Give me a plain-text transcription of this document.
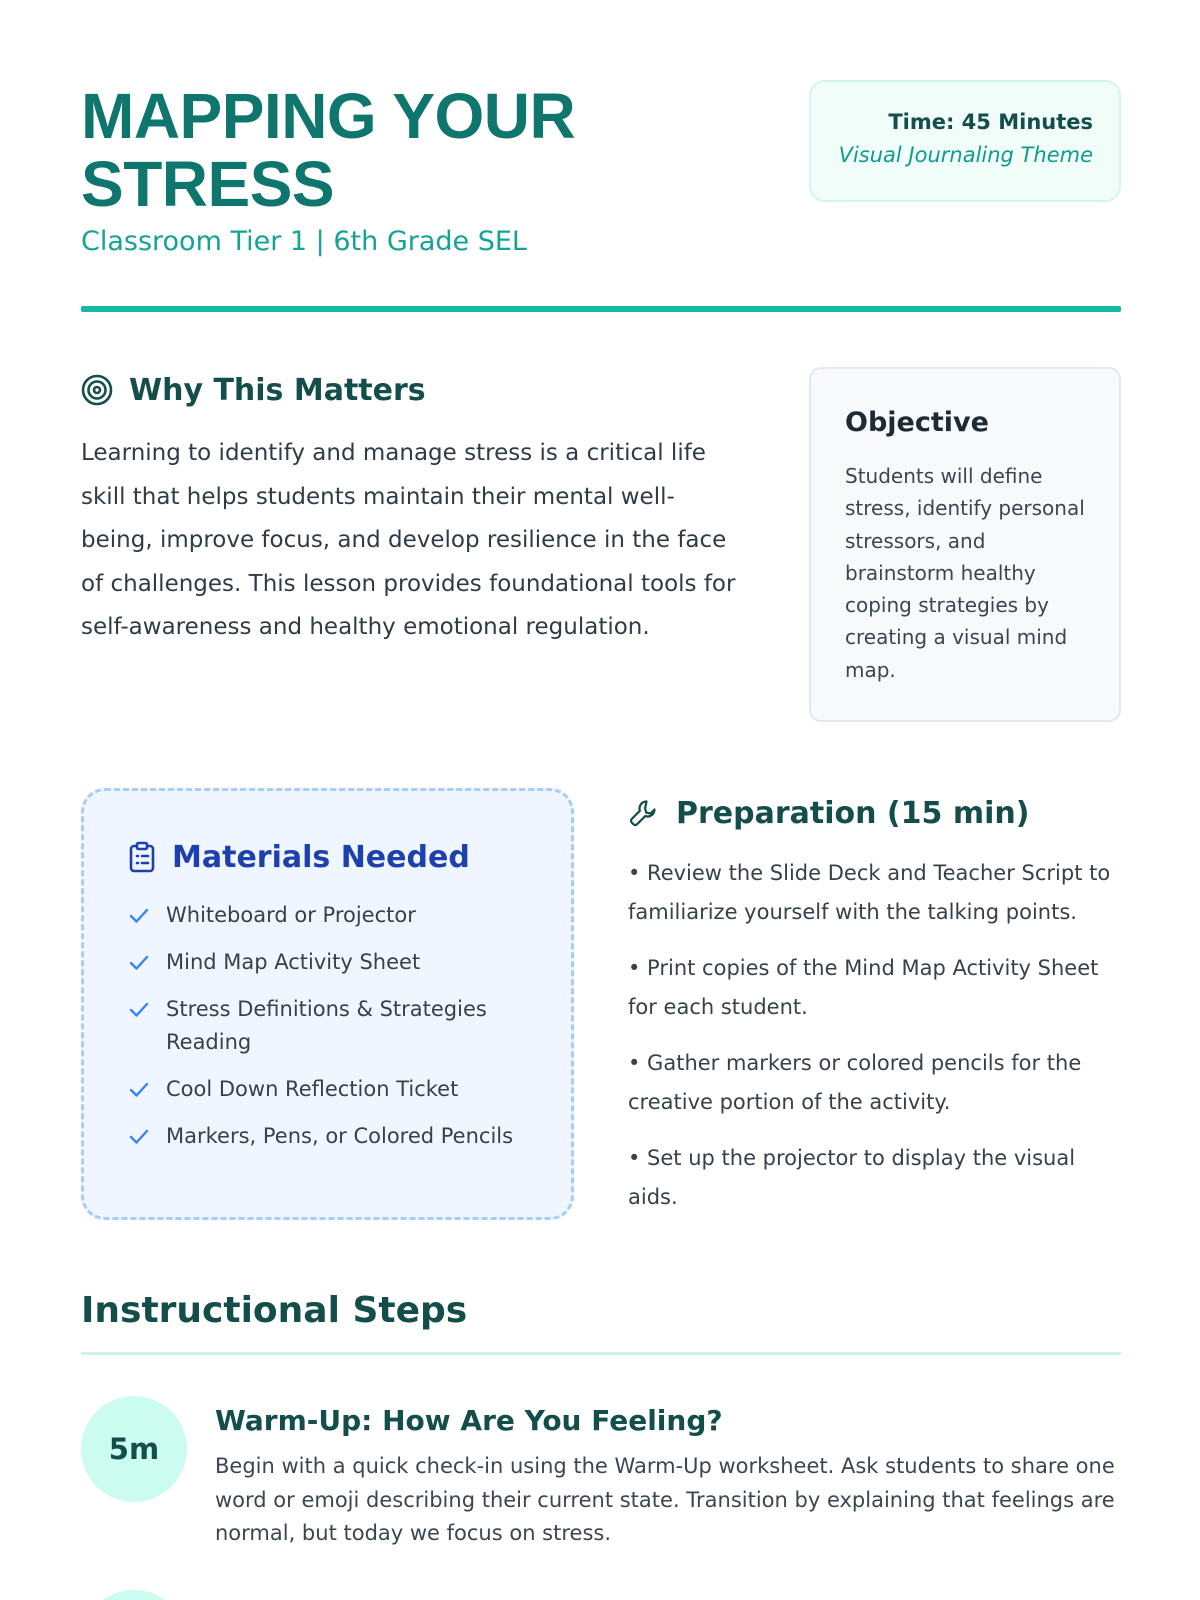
MAPPING YOUR STRESS
Classroom Tier 1 | 6th Grade SEL
Time: 45 Minutes
Visual Journaling Theme
Why This Matters

Learning to identify and manage stress is a critical life skill that helps students maintain their mental well-being, improve focus, and develop resilience in the face of challenges. This lesson provides foundational tools for self-awareness and healthy emotional regulation.

Objective

Students will define stress, identify personal stressors, and brainstorm healthy coping strategies by creating a visual mind map.

Materials Needed
Whiteboard or Projector
Mind Map Activity Sheet
Stress Definitions & Strategies Reading
Cool Down Reflection Ticket
Markers, Pens, or Colored Pencils
Preparation (15 min)
• Review the Slide Deck and Teacher Script to familiarize yourself with the talking points.
• Print copies of the Mind Map Activity Sheet for each student.
• Gather markers or colored pencils for the creative portion of the activity.
• Set up the projector to display the visual aids.
Instructional Steps
5m
Warm-Up: How Are You Feeling?

Begin with a quick check-in using the Warm-Up worksheet. Ask students to share one word or emoji describing their current state. Transition by explaining that feelings are normal, but today we focus on stress.
